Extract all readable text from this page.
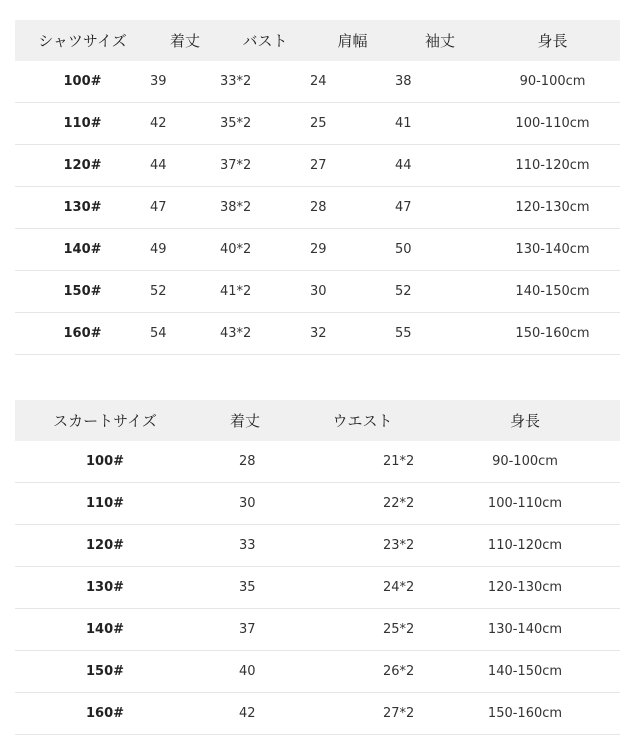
シャツサイズ	着丈	バスト	肩幅	袖丈	身長
100#	39	33*2	24	38	90-100cm
110#	42	35*2	25	41	100-110cm
120#	44	37*2	27	44	110-120cm
130#	47	38*2	28	47	120-130cm
140#	49	40*2	29	50	130-140cm
150#	52	41*2	30	52	140-150cm
160#	54	43*2	32	55	150-160cm
スカートサイズ	着丈	ウエスト	身長
100#	28	21*2	90-100cm
110#	30	22*2	100-110cm
120#	33	23*2	110-120cm
130#	35	24*2	120-130cm
140#	37	25*2	130-140cm
150#	40	26*2	140-150cm
160#	42	27*2	150-160cm
